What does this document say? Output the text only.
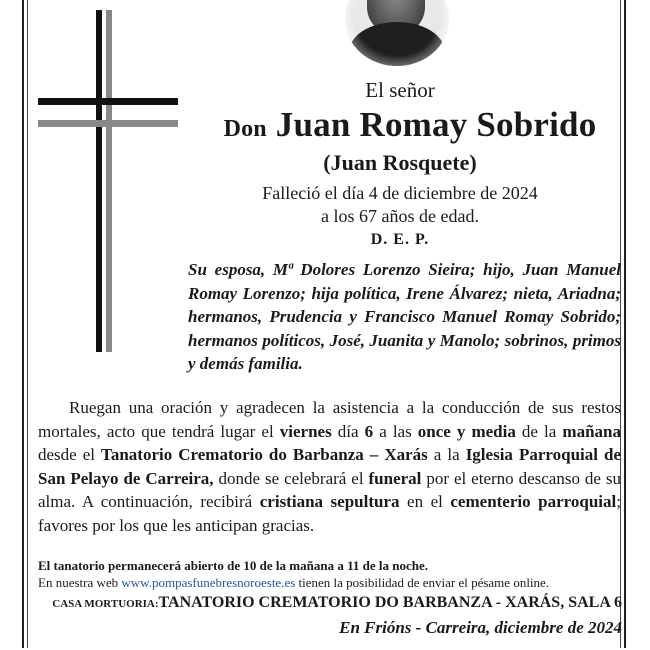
El señor
Don Juan Romay Sobrido
(Juan Rosquete)
Falleció el día 4 de diciembre de 2024
a los 67 años de edad.
D. E. P.
Su esposa, Mª Dolores Lorenzo Sieira; hijo, Juan Manuel Romay Lorenzo; hija política, Irene Álvarez; nieta, Ariadna; hermanos, Prudencia y Francisco Manuel Romay Sobrido; hermanos políticos, José, Juanita y Manolo; sobrinos, primos y demás familia.
Ruegan una oración y agradecen la asistencia a la conducción de sus restos mortales, acto que tendrá lugar el viernes día 6 a las once y media de la mañana desde el Tanatorio Crematorio do Barbanza – Xarás a la Iglesia Parroquial de San Pelayo de Carreira, donde se celebrará el funeral por el eterno descanso de su alma. A continuación, recibirá cristiana sepultura en el cementerio parroquial; favores por los que les anticipan gracias.
El tanatorio permanecerá abierto de 10 de la mañana a 11 de la noche.
En nuestra web www.pompasfunebresnoroeste.es tienen la posibilidad de enviar el pésame online.
CASA MORTUORIA:TANATORIO CREMATORIO DO BARBANZA - XARÁS, SALA 6
En Frións - Carreira, diciembre de 2024
